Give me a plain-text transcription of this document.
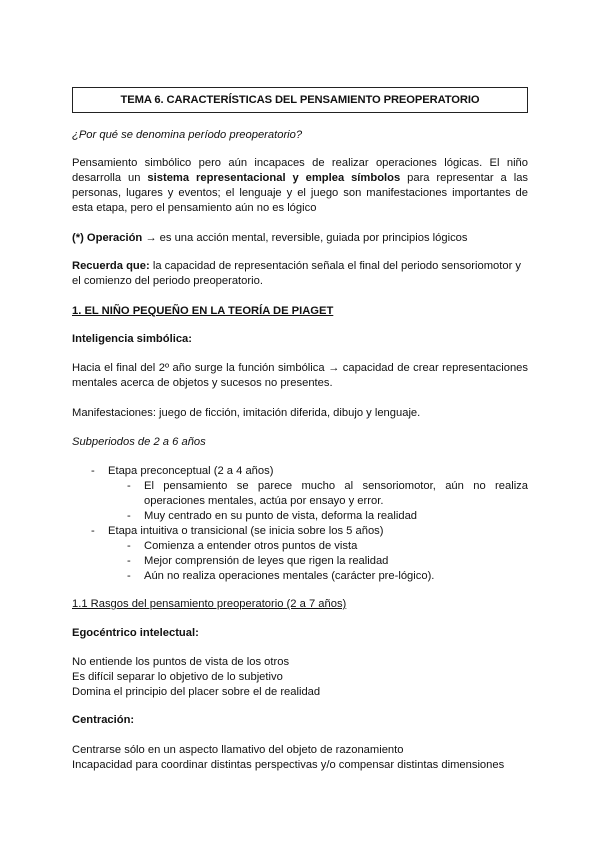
TEMA 6. CARACTERÍSTICAS DEL PENSAMIENTO PREOPERATORIO

¿Por qué se denomina período preoperatorio?

Pensamiento simbólico pero aún incapaces de realizar operaciones lógicas. El niño desarrolla un sistema representacional y emplea símbolos para representar a las personas, lugares y eventos; el lenguaje y el juego son manifestaciones importantes de esta etapa, pero el pensamiento aún no es lógico

(*) Operación → es una acción mental, reversible, guiada por principios lógicos

Recuerda que: la capacidad de representación señala el final del periodo sensoriomotor y el comienzo del periodo preoperatorio.

1. EL NIÑO PEQUEÑO EN LA TEORÍA DE PIAGET

Inteligencia simbólica:

Hacia el final del 2º año surge la función simbólica → capacidad de crear representaciones mentales acerca de objetos y sucesos no presentes.

Manifestaciones: juego de ficción, imitación diferida, dibujo y lenguaje.

Subperiodos de 2 a 6 años

- Etapa preconceptual (2 a 4 años)
- El pensamiento se parece mucho al sensoriomotor, aún no realiza operaciones mentales, actúa por ensayo y error.
- Muy centrado en su punto de vista, deforma la realidad
- Etapa intuitiva o transicional (se inicia sobre los 5 años)
- Comienza a entender otros puntos de vista
- Mejor comprensión de leyes que rigen la realidad
- Aún no realiza operaciones mentales (carácter pre-lógico).

1.1 Rasgos del pensamiento preoperatorio (2 a 7 años)

Egocéntrico intelectual:

No entiende los puntos de vista de los otros
Es difícil separar lo objetivo de lo subjetivo
Domina el principio del placer sobre el de realidad

Centración:

Centrarse sólo en un aspecto llamativo del objeto de razonamiento
Incapacidad para coordinar distintas perspectivas y/o compensar distintas dimensiones
